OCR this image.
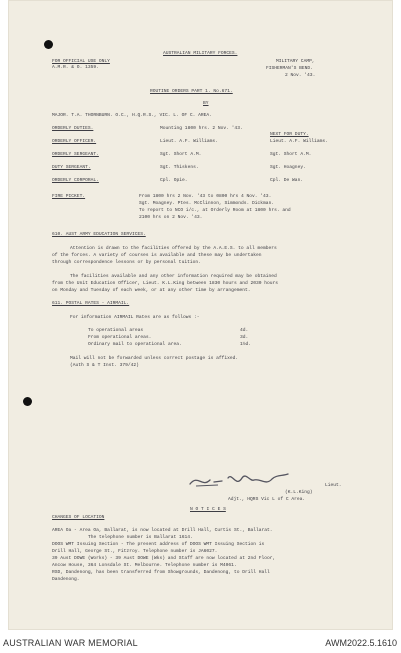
AUSTRALIAN MILITARY FORCES.
FOR OFFICIAL USE ONLY
A.M.R. & O. 1359.
MILITARY CAMP,
FISHERMAN'S BEND.
2 Nov. '43.
ROUTINE ORDERS PART 1. No.671.
BY
MAJOR. T.A. THORNBURN. O.C., H.Q.R.S., VIC. L. OF C. AREA.
ORDERLY DUTIES.	Mounting 1800 hrs. 2 Nov. '43.
NEXT FOR DUTY.
ORDERLY OFFICER.	Lieut. A.F. Williams.	Lieut. A.F. Williams.
ORDERLY SERGEANT.	Sgt. Short A.M.	Sgt. Short A.M.
DUTY SERGEANT.	Sgt. Thiskens.	Sgt. Hoagney.
ORDERLY CORPORAL.	Cpl. Opie.	Cpl. De Wan.
FIRE PICKET.	From 1800 hrs 2 Nov. '43 to 0800 hrs 4 Nov. '43.
Sgt. Moagney. Ptes. McClinnon, Simmonds. Dickman.
To report to NCO i/c., at Orderly Room at 1800 hrs. and
2100 hrs on 2 Nov. '43.
610. AUST ARMY EDUCATION SERVICES.
Attention is drawn to the facilities offered by the A.A.E.S. to all members
of the forces. A variety of courses is available and these may be undertaken
through correspondence lessons or by personal tuition.
The facilities available and any other information required may be obtained
from the Unit Education Officer, Lieut. K.L.King between 1830 hours and 2030 hours
on Monday and Tuesday of each week, or at any other time by arrangement.
611. POSTAL RATES - AIRMAIL.
For information AIRMAIL Rates are as follows :-
To operational areas	4d.
From operational areas.	3d.
Ordinary mail to operational area.	1½d.
Mail will not be forwarded unless correct postage is affixed.
(Auth S & T Inst. 379/42)
Lieut.
(K.L.King)
Adjt., HQRS Vic L of C Area.
N O T I C E S
CHANGES OF LOCATION
AREA Oa - Area Oa, Ballarat, is now located at Drill Hall, Curtis St., Ballarat.
The telephone number is Ballarat 1614.
DOOS WMT Issuing Section - The present address of DOOS WMT Issuing Section is
Drill Hall, George St., Fitzroy. Telephone number is JA6027.
39 Aust DOWE (Works) - 39 Aust DOWE (Wks) and Staff are now located at 2nd Floor,
Ancow House, 364 Lonsdale St. Melbourne. Telephone number is M4061.
RSD, Dandenong, has been transferred from Showgrounds, Dandenong, to Drill Hall
Dandenong.
AUSTRALIAN WAR MEMORIAL	AWM2022.5.1610
